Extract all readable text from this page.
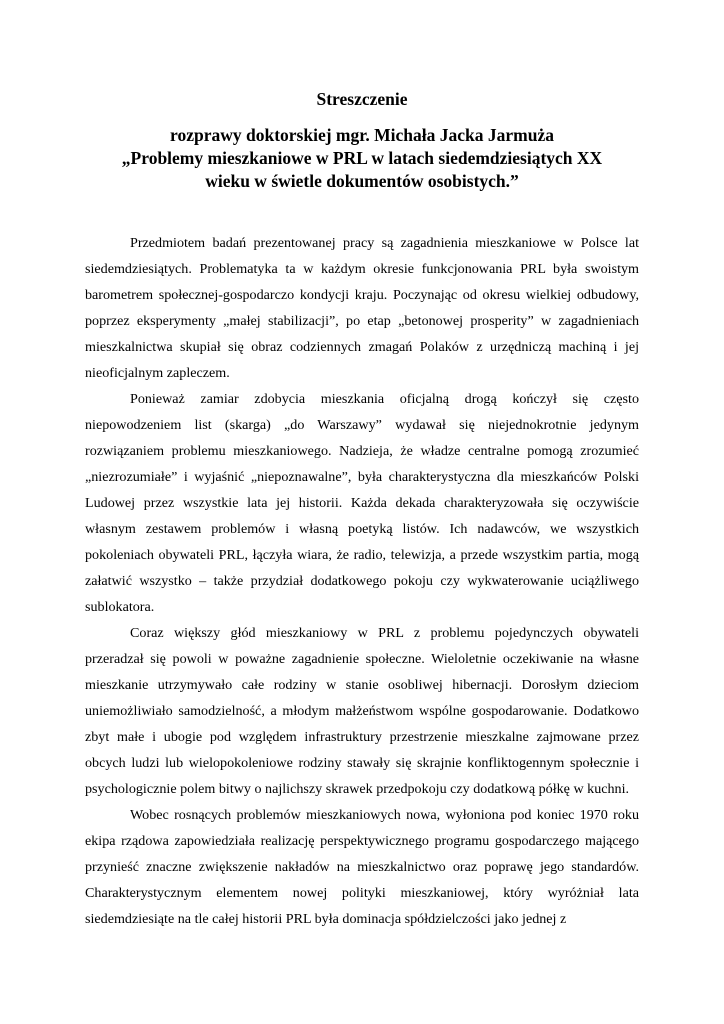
Streszczenie
rozprawy doktorskiej mgr. Michała Jacka Jarmuża
„Problemy mieszkaniowe w PRL w latach siedemdziesiątych XX
wieku w świetle dokumentów osobistych.”

Przedmiotem badań prezentowanej pracy są zagadnienia mieszkaniowe w Polsce lat siedemdziesiątych. Problematyka ta w każdym okresie funkcjonowania PRL była swoistym barometrem społecznej-gospodarczo kondycji kraju. Poczynając od okresu wielkiej odbudowy, poprzez eksperymenty „małej stabilizacji”, po etap „betonowej prosperity” w zagadnieniach mieszkalnictwa skupiał się obraz codziennych zmagań Polaków z urzędniczą machiną i jej nieoficjalnym zapleczem.

Ponieważ zamiar zdobycia mieszkania oficjalną drogą kończył się często niepowodzeniem list (skarga) „do Warszawy” wydawał się niejednokrotnie jedynym rozwiązaniem problemu mieszkaniowego. Nadzieja, że władze centralne pomogą zrozumieć „niezrozumiałe” i wyjaśnić „niepoznawalne”, była charakterystyczna dla mieszkańców Polski Ludowej przez wszystkie lata jej historii. Każda dekada charakteryzowała się oczywiście własnym zestawem problemów i własną poetyką listów. Ich nadawców, we wszystkich pokoleniach obywateli PRL, łączyła wiara, że radio, telewizja, a przede wszystkim partia, mogą załatwić wszystko – także przydział dodatkowego pokoju czy wykwaterowanie uciążliwego sublokatora.

Coraz większy głód mieszkaniowy w PRL z problemu pojedynczych obywateli przeradzał się powoli w poważne zagadnienie społeczne. Wieloletnie oczekiwanie na własne mieszkanie utrzymywało całe rodziny w stanie osobliwej hibernacji. Dorosłym dzieciom uniemożliwiało samodzielność, a młodym małżeństwom wspólne gospodarowanie. Dodatkowo zbyt małe i ubogie pod względem infrastruktury przestrzenie mieszkalne zajmowane przez obcych ludzi lub wielopokoleniowe rodziny stawały się skrajnie konfliktogennym społecznie i psychologicznie polem bitwy o najlichszy skrawek przedpokoju czy dodatkową półkę w kuchni.

Wobec rosnących problemów mieszkaniowych nowa, wyłoniona pod koniec 1970 roku ekipa rządowa zapowiedziała realizację perspektywicznego programu gospodarczego mającego przynieść znaczne zwiększenie nakładów na mieszkalnictwo oraz poprawę jego standardów. Charakterystycznym elementem nowej polityki mieszkaniowej, który wyróżniał lata siedemdziesiąte na tle całej historii PRL była dominacja spółdzielczości jako jednej z
